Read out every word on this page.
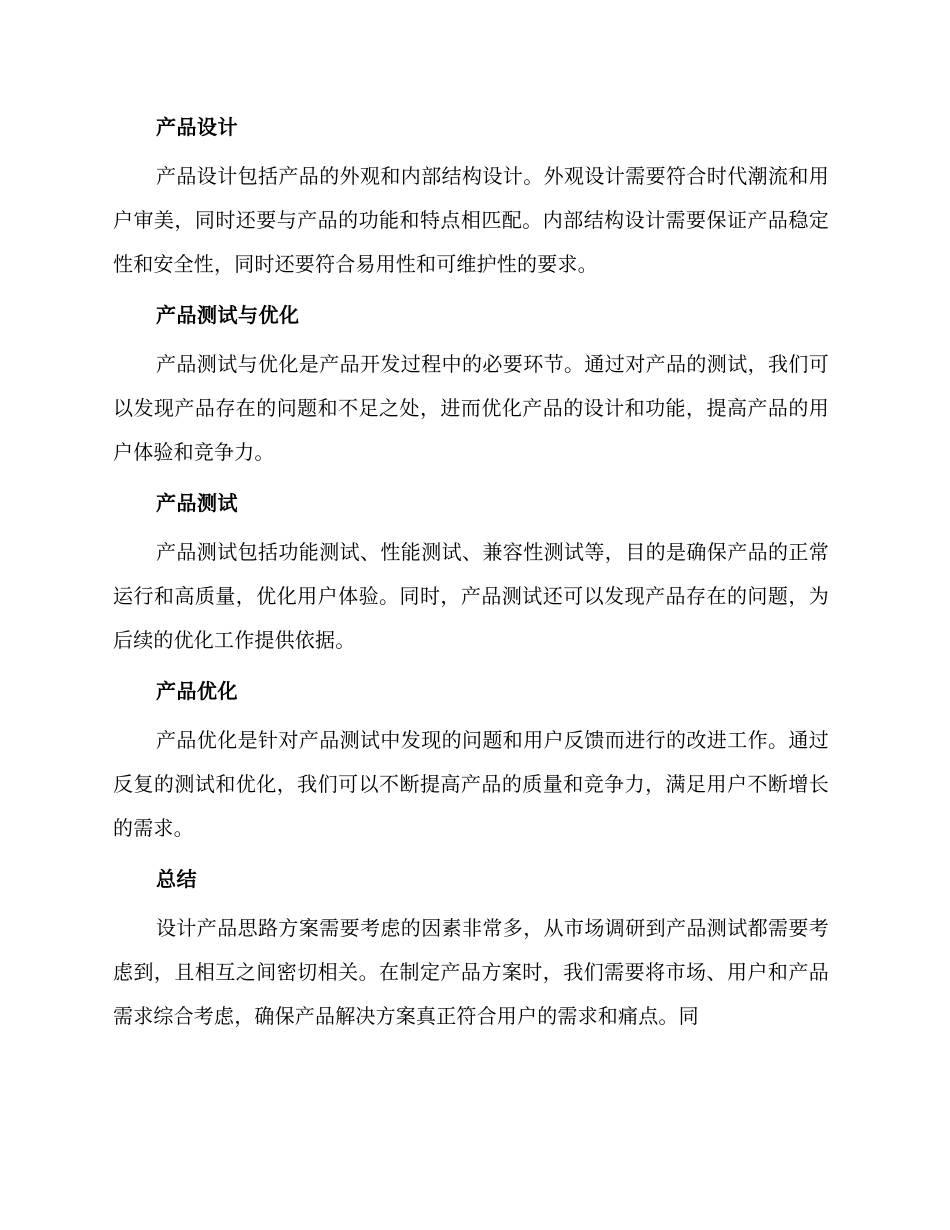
产品设计

产品设计包括产品的外观和内部结构设计。外观设计需要符合时代潮流和用户审美，同时还要与产品的功能和特点相匹配。内部结构设计需要保证产品稳定性和安全性，同时还要符合易用性和可维护性的要求。

产品测试与优化

产品测试与优化是产品开发过程中的必要环节。通过对产品的测试，我们可以发现产品存在的问题和不足之处，进而优化产品的设计和功能，提高产品的用户体验和竞争力。

产品测试

产品测试包括功能测试、性能测试、兼容性测试等，目的是确保产品的正常运行和高质量，优化用户体验。同时，产品测试还可以发现产品存在的问题，为后续的优化工作提供依据。

产品优化

产品优化是针对产品测试中发现的问题和用户反馈而进行的改进工作。通过反复的测试和优化，我们可以不断提高产品的质量和竞争力，满足用户不断增长的需求。

总结

设计产品思路方案需要考虑的因素非常多，从市场调研到产品测试都需要考虑到，且相互之间密切相关。在制定产品方案时，我们需要将市场、用户和产品需求综合考虑，确保产品解决方案真正符合用户的需求和痛点。同
